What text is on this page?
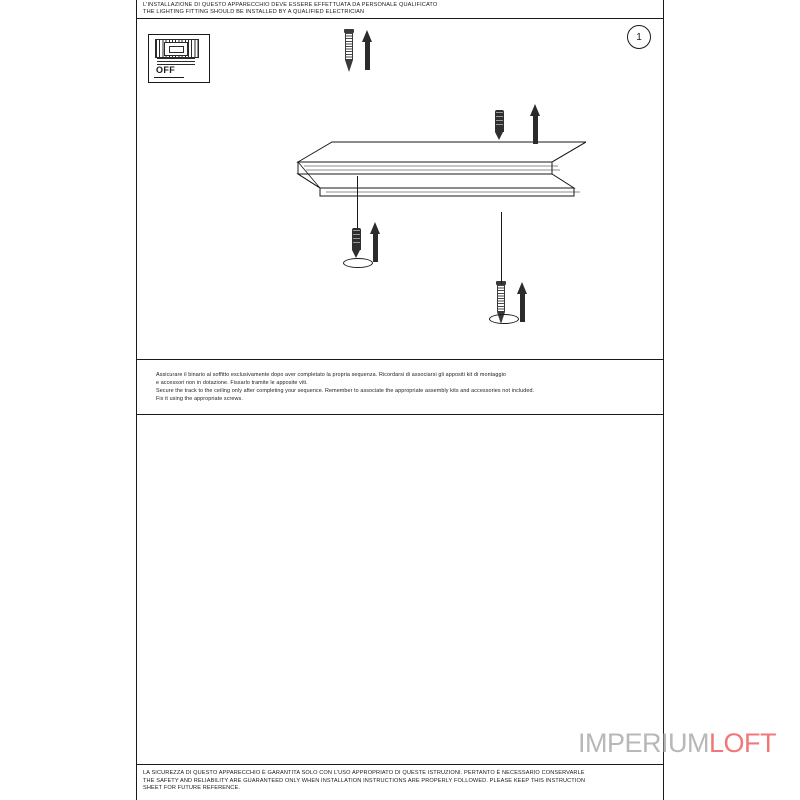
L'INSTALLAZIONE DI QUESTO APPARECCHIO DEVE ESSERE EFFETTUATA DA PERSONALE QUALIFICATO
THE LIGHTING FITTING SHOULD BE INSTALLED BY A QUALIFIED ELECTRICIAN
1
OFF
Assicurare il binario al soffitto esclusivamente dopo aver completato la propria sequenza. Ricordarsi di associarsi gli appositi kit di montaggio
e accessori non in dotazione. Fissarlo tramite le apposite viti.
Secure the track to the ceiling only after completing your sequence. Remember to associate the appropriate assembly kits and accessories not included.
Fix it using the appropriate screws.
IMPERIUMLOFT
LA SICUREZZA DI QUESTO APPARECCHIO È GARANTITA SOLO CON L'USO APPROPRIATO DI QUESTE ISTRUZIONI. PERTANTO È NECESSARIO CONSERVARLE
THE SAFETY AND RELIABILITY ARE GUARANTEED ONLY WHEN INSTALLATION INSTRUCTIONS ARE PROPERLY FOLLOWED. PLEASE KEEP THIS INSTRUCTION
SHEET FOR FUTURE REFERENCE.
